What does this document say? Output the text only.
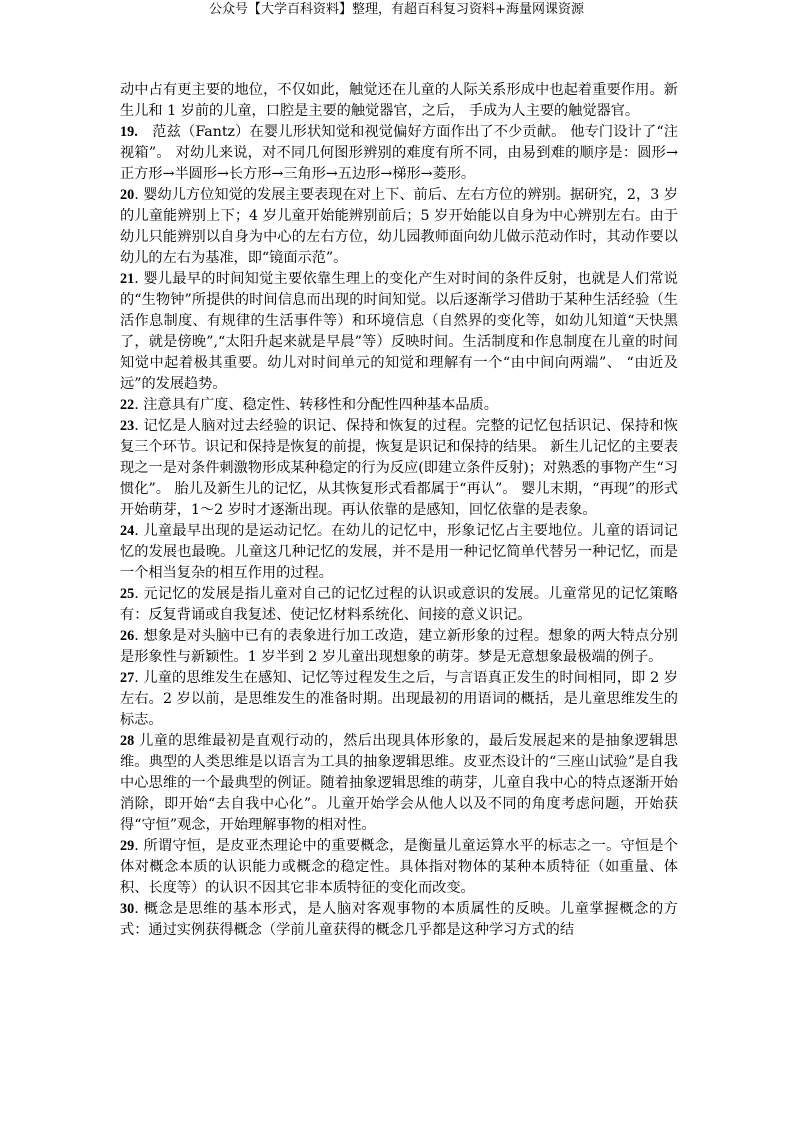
公众号【大学百科资料】整理，有超百科复习资料+海量网课资源

动中占有更主要的地位，不仅如此，触觉还在儿童的人际关系形成中也起着重要作用。新生儿和 1 岁前的儿童，口腔是主要的触觉器官，之后， 手成为人主要的触觉器官。

19.　范兹（Fantz）在婴儿形状知觉和视觉偏好方面作出了不少贡献。 他专门设计了“注视箱”。 对幼儿来说，对不同几何图形辨别的难度有所不同，由易到难的顺序是：圆形→正方形→半圆形→长方形→三角形→五边形→梯形→菱形。

20. 婴幼儿方位知觉的发展主要表现在对上下、前后、左右方位的辨别。据研究，2，3 岁的儿童能辨别上下；4 岁儿童开始能辨别前后；5 岁开始能以自身为中心辨别左右。由于幼儿只能辨别以自身为中心的左右方位，幼儿园教师面向幼儿做示范动作时，其动作要以幼儿的左右为基准，即“镜面示范”。

21. 婴儿最早的时间知觉主要依靠生理上的变化产生对时间的条件反射，也就是人们常说的“生物钟”所提供的时间信息而出现的时间知觉。以后逐渐学习借助于某种生活经验（生活作息制度、有规律的生活事件等）和环境信息（自然界的变化等，如幼儿知道“天快黑了，就是傍晚”,“太阳升起来就是早晨”等）反映时间。生活制度和作息制度在儿童的时间知觉中起着极其重要。幼儿对时间单元的知觉和理解有一个“由中间向两端”、 “由近及远”的发展趋势。

22. 注意具有广度、稳定性、转移性和分配性四种基本品质。

23. 记忆是人脑对过去经验的识记、保持和恢复的过程。完整的记忆包括识记、保持和恢复三个环节。识记和保持是恢复的前提，恢复是识记和保持的结果。 新生儿记忆的主要表现之一是对条件刺激物形成某种稳定的行为反应(即建立条件反射)；对熟悉的事物产生“习惯化”。 胎儿及新生儿的记忆，从其恢复形式看都属于“再认”。 婴儿末期，“再现”的形式开始萌芽，1～2 岁时才逐渐出现。再认依靠的是感知，回忆依靠的是表象。

24. 儿童最早出现的是运动记忆。在幼儿的记忆中，形象记忆占主要地位。儿童的语词记忆的发展也最晚。儿童这几种记忆的发展，并不是用一种记忆简单代替另一种记忆，而是一个相当复杂的相互作用的过程。

25. 元记忆的发展是指儿童对自己的记忆过程的认识或意识的发展。儿童常见的记忆策略有：反复背诵或自我复述、使记忆材料系统化、间接的意义识记。

26. 想象是对头脑中已有的表象进行加工改造，建立新形象的过程。想象的两大特点分别是形象性与新颖性。1 岁半到 2 岁儿童出现想象的萌芽。梦是无意想象最极端的例子。

27. 儿童的思维发生在感知、记忆等过程发生之后，与言语真正发生的时间相同，即 2 岁左右。2 岁以前，是思维发生的准备时期。出现最初的用语词的概括，是儿童思维发生的标志。

28 儿童的思维最初是直观行动的，然后出现具体形象的，最后发展起来的是抽象逻辑思维。典型的人类思维是以语言为工具的抽象逻辑思维。皮亚杰设计的“三座山试验”是自我中心思维的一个最典型的例证。随着抽象逻辑思维的萌芽，儿童自我中心的特点逐渐开始消除，即开始“去自我中心化”。儿童开始学会从他人以及不同的角度考虑问题，开始获得“守恒”观念，开始理解事物的相对性。

29. 所谓守恒，是皮亚杰理论中的重要概念，是衡量儿童运算水平的标志之一。守恒是个体对概念本质的认识能力或概念的稳定性。具体指对物体的某种本质特征（如重量、体积、长度等）的认识不因其它非本质特征的变化而改变。

30. 概念是思维的基本形式，是人脑对客观事物的本质属性的反映。儿童掌握概念的方式：通过实例获得概念（学前儿童获得的概念几乎都是这种学习方式的结
